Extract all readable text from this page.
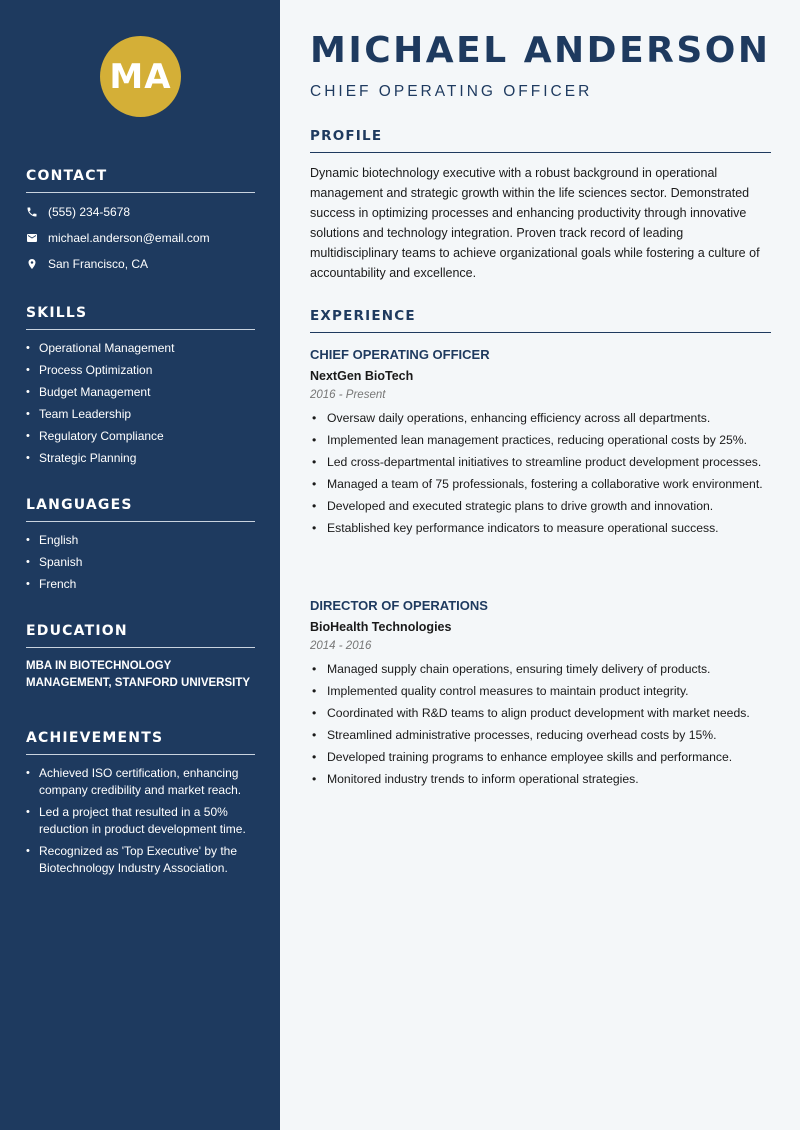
MA
CONTACT
(555) 234-5678
michael.anderson@email.com
San Francisco, CA
SKILLS
• Operational Management
• Process Optimization
• Budget Management
• Team Leadership
• Regulatory Compliance
• Strategic Planning
LANGUAGES
• English
• Spanish
• French
EDUCATION

MBA IN BIOTECHNOLOGY MANAGEMENT, STANFORD UNIVERSITY

ACHIEVEMENTS
• Achieved ISO certification, enhancing company credibility and market reach.
• Led a project that resulted in a 50% reduction in product development time.
• Recognized as 'Top Executive' by the Biotechnology Industry Association.
MICHAEL ANDERSON
CHIEF OPERATING OFFICER
PROFILE

Dynamic biotechnology executive with a robust background in operational management and strategic growth within the life sciences sector. Demonstrated success in optimizing processes and enhancing productivity through innovative solutions and technology integration. Proven track record of leading multidisciplinary teams to achieve organizational goals while fostering a culture of accountability and excellence.

EXPERIENCE
CHIEF OPERATING OFFICER
NextGen BioTech
2016 - Present
• Oversaw daily operations, enhancing efficiency across all departments.
• Implemented lean management practices, reducing operational costs by 25%.
• Led cross-departmental initiatives to streamline product development processes.
• Managed a team of 75 professionals, fostering a collaborative work environment.
• Developed and executed strategic plans to drive growth and innovation.
• Established key performance indicators to measure operational success.
DIRECTOR OF OPERATIONS
BioHealth Technologies
2014 - 2016
• Managed supply chain operations, ensuring timely delivery of products.
• Implemented quality control measures to maintain product integrity.
• Coordinated with R&D teams to align product development with market needs.
• Streamlined administrative processes, reducing overhead costs by 15%.
• Developed training programs to enhance employee skills and performance.
• Monitored industry trends to inform operational strategies.
